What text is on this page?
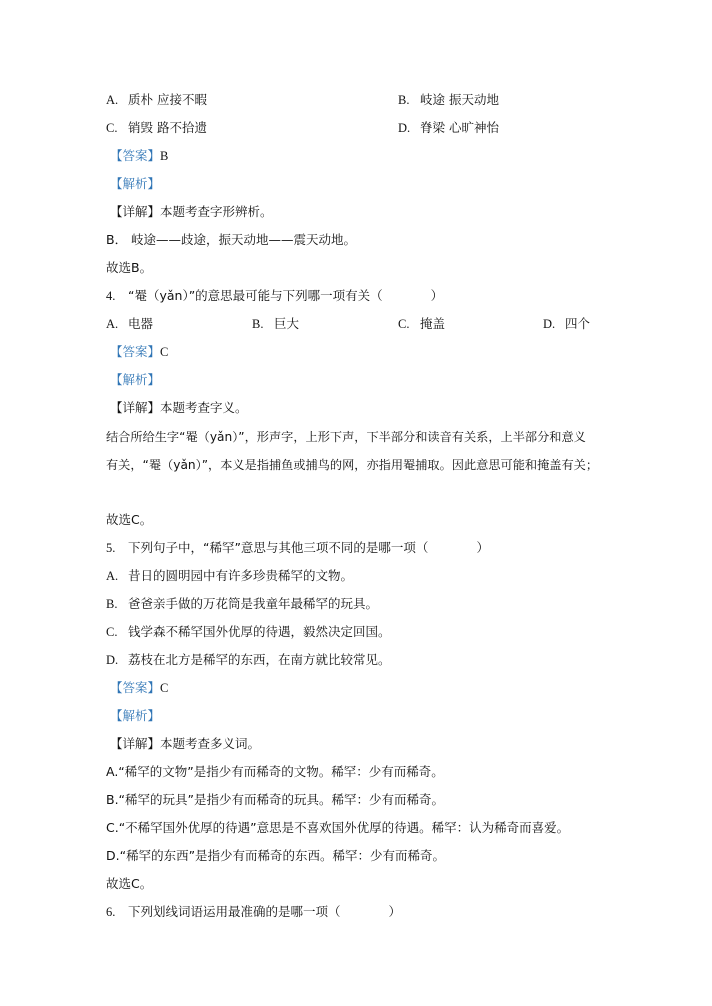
A. 质朴 应接不暇	B. 岐途 振天动地
C. 销毁 路不拾遗	D. 脊梁 心旷神怡
【答案】B
【解析】
【详解】本题考查字形辨析。
B． 岐途——歧途，振天动地——震天动地。
故选B。
4. “罨（yǎn）”的意思最可能与下列哪一项有关（	）
A. 电器	B. 巨大	C. 掩盖	D. 四个
【答案】C
【解析】
【详解】本题考查字义。
结合所给生字“罨（yǎn）”，形声字，上形下声，下半部分和读音有关系，上半部分和意义
有关，“罨（yǎn）”，本义是指捕鱼或捕鸟的网，亦指用罨捕取。因此意思可能和掩盖有关；
故选C。
5. 下列句子中，“稀罕”意思与其他三项不同的是哪一项（	）
A. 昔日的圆明园中有许多珍贵稀罕的文物。
B. 爸爸亲手做的万花筒是我童年最稀罕的玩具。
C. 钱学森不稀罕国外优厚的待遇，毅然决定回国。
D. 荔枝在北方是稀罕的东西，在南方就比较常见。
【答案】C
【解析】
【详解】本题考查多义词。
A.“稀罕的文物”是指少有而稀奇的文物。稀罕：少有而稀奇。
B.“稀罕的玩具”是指少有而稀奇的玩具。稀罕：少有而稀奇。
C.“不稀罕国外优厚的待遇”意思是不喜欢国外优厚的待遇。稀罕：认为稀奇而喜爱。
D.“稀罕的东西”是指少有而稀奇的东西。稀罕：少有而稀奇。
故选C。
6. 下列划线词语运用最准确的是哪一项（	）
